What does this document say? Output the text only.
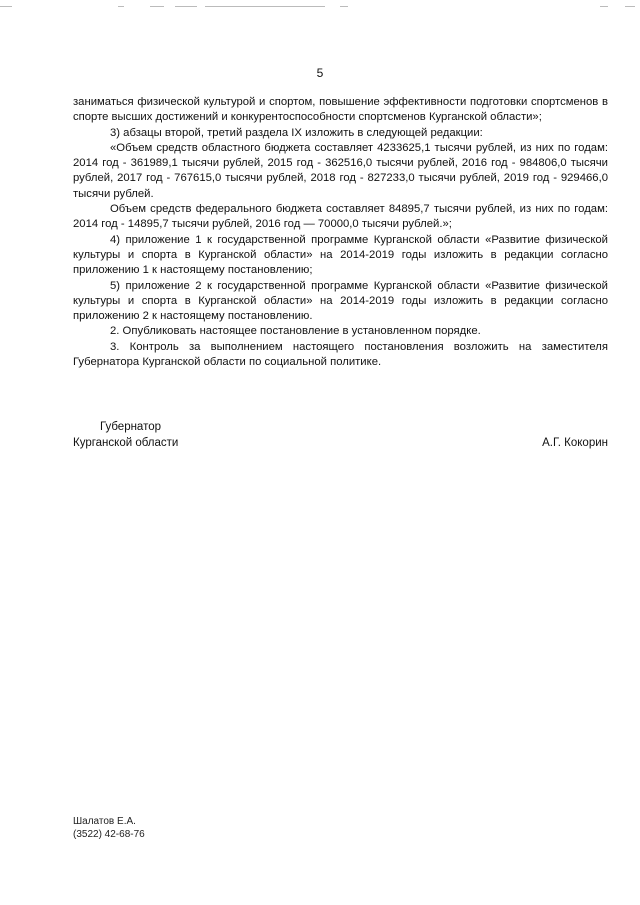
5

заниматься физической культурой и спортом, повышение эффективности подготовки спортсменов в спорте высших достижений и конкурентоспособности спортсменов Курганской области»;

3) абзацы второй, третий раздела IX изложить в следующей редакции:

«Объем средств областного бюджета составляет 4233625,1 тысячи рублей, из них по годам: 2014 год - 361989,1 тысячи рублей, 2015 год - 362516,0 тысячи рублей, 2016 год - 984806,0 тысячи рублей, 2017 год - 767615,0 тысячи рублей, 2018 год - 827233,0 тысячи рублей, 2019 год - 929466,0 тысячи рублей.

Объем средств федерального бюджета составляет 84895,7 тысячи рублей, из них по годам: 2014 год - 14895,7 тысячи рублей, 2016 год — 70000,0 тысячи рублей.»;

4) приложение 1 к государственной программе Курганской области «Развитие физической культуры и спорта в Курганской области» на 2014-2019 годы изложить в редакции согласно приложению 1 к настоящему постановлению;

5) приложение 2 к государственной программе Курганской области «Развитие физической культуры и спорта в Курганской области» на 2014-2019 годы изложить в редакции согласно приложению 2 к настоящему постановлению.

2. Опубликовать настоящее постановление в установленном порядке.

3. Контроль за выполнением настоящего постановления возложить на заместителя Губернатора Курганской области по социальной политике.

Губернатор
Курганской области	А.Г. Кокорин
Шалатов Е.А.
(3522) 42-68-76
